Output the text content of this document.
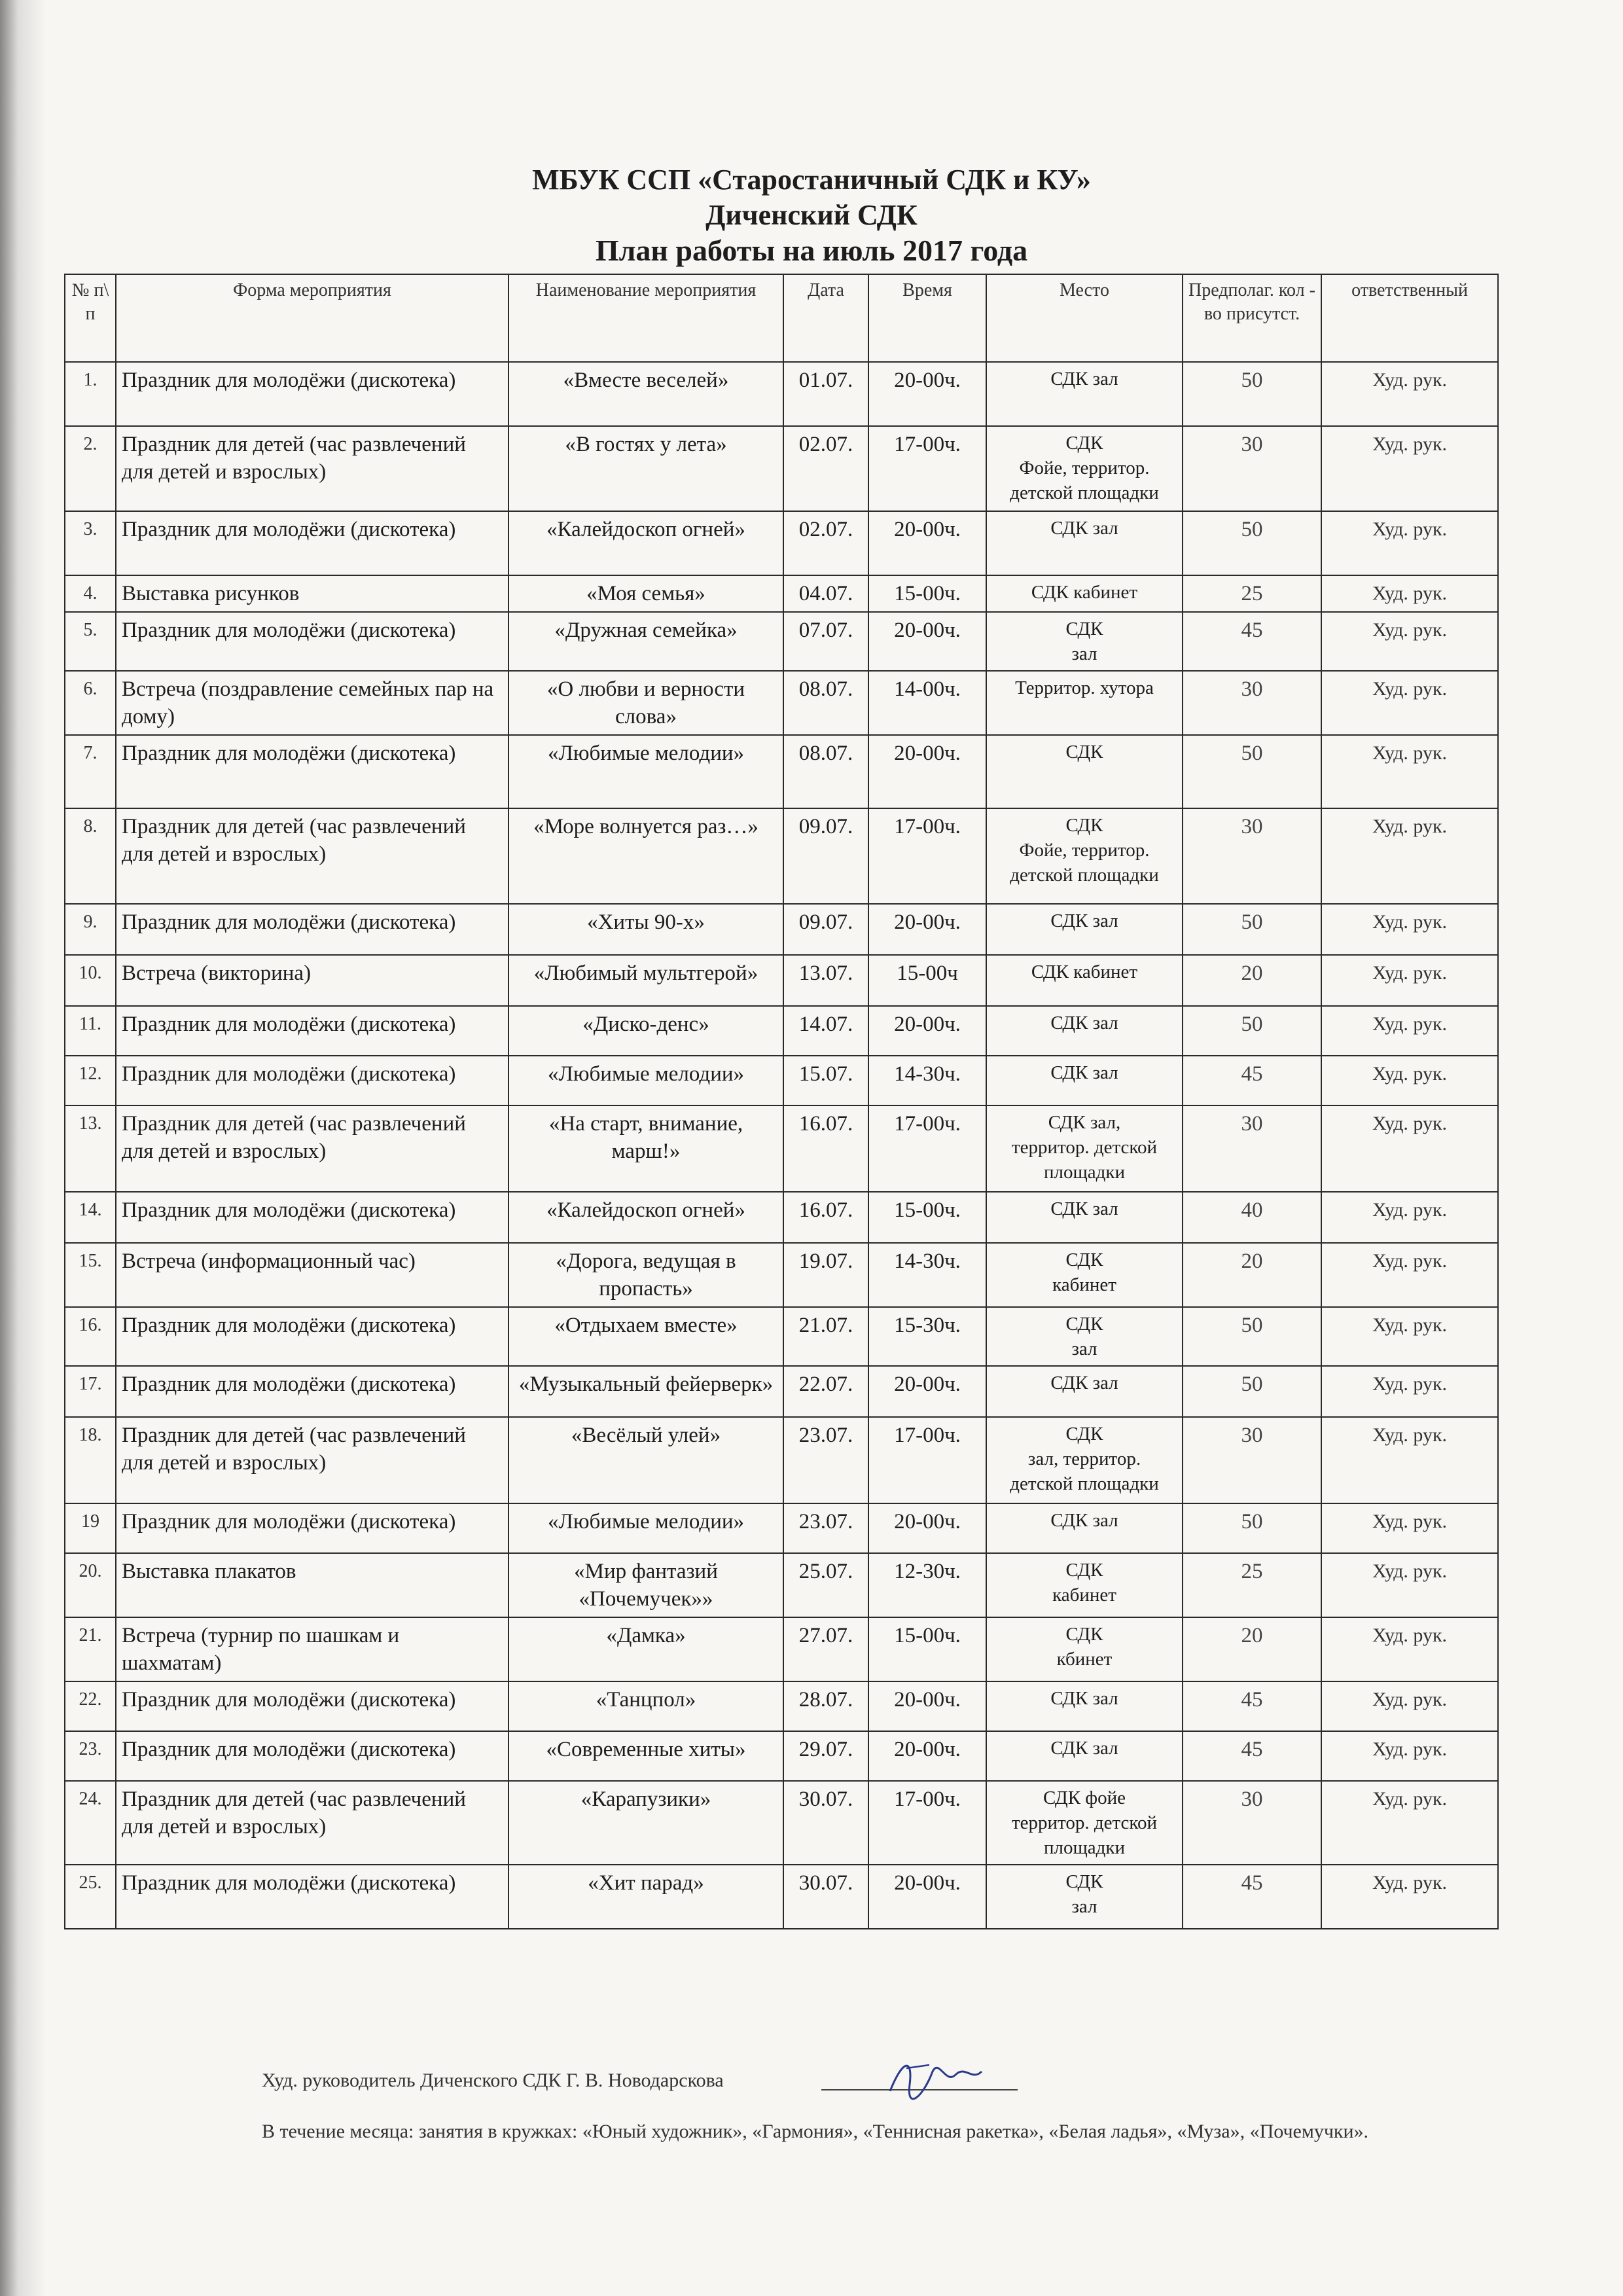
МБУК ССП «Старостаничный СДК и КУ»
Диченский СДК
План работы на июль 2017 года
№ п\ п	Форма мероприятия	Наименование мероприятия	Дата	Время	Место	Предполаг. кол - во присутст.	ответственный
1.	Праздник для молодёжи (дискотека)	«Вместе веселей»	01.07.	20-00ч.	СДК зал	50	Худ. рук.
2.	Праздник для детей (час развлечений для детей и взрослых)	«В гостях у лета»	02.07.	17-00ч.	СДК
Фойе, территор.
детской площадки	30	Худ. рук.
3.	Праздник для молодёжи (дискотека)	«Калейдоскоп огней»	02.07.	20-00ч.	СДК зал	50	Худ. рук.
4.	Выставка рисунков	«Моя семья»	04.07.	15-00ч.	СДК кабинет	25	Худ. рук.
5.	Праздник для молодёжи (дискотека)	«Дружная семейка»	07.07.	20-00ч.	СДК
зал	45	Худ. рук.
6.	Встреча (поздравление семейных пар на дому)	«О любви и верности слова»	08.07.	14-00ч.	Территор. хутора	30	Худ. рук.
7.	Праздник для молодёжи (дискотека)	«Любимые мелодии»	08.07.	20-00ч.	СДК	50	Худ. рук.
8.	Праздник для детей (час развлечений для детей и взрослых)	«Море волнуется раз…»	09.07.	17-00ч.	СДК
Фойе, территор.
детской площадки	30	Худ. рук.
9.	Праздник для молодёжи (дискотека)	«Хиты 90-х»	09.07.	20-00ч.	СДК зал	50	Худ. рук.
10.	Встреча (викторина)	«Любимый мультгерой»	13.07.	15-00ч	СДК кабинет	20	Худ. рук.
11.	Праздник для молодёжи (дискотека)	«Диско-денс»	14.07.	20-00ч.	СДК зал	50	Худ. рук.
12.	Праздник для молодёжи (дискотека)	«Любимые мелодии»	15.07.	14-30ч.	СДК зал	45	Худ. рук.
13.	Праздник для детей (час развлечений для детей и взрослых)	«На старт, внимание, марш!»	16.07.	17-00ч.	СДК зал,
территор. детской
площадки	30	Худ. рук.
14.	Праздник для молодёжи (дискотека)	«Калейдоскоп огней»	16.07.	15-00ч.	СДК зал	40	Худ. рук.
15.	Встреча (информационный час)	«Дорога, ведущая в пропасть»	19.07.	14-30ч.	СДК
кабинет	20	Худ. рук.
16.	Праздник для молодёжи (дискотека)	«Отдыхаем вместе»	21.07.	15-30ч.	СДК
зал	50	Худ. рук.
17.	Праздник для молодёжи (дискотека)	«Музыкальный фейерверк»	22.07.	20-00ч.	СДК зал	50	Худ. рук.
18.	Праздник для детей (час развлечений для детей и взрослых)	«Весёлый улей»	23.07.	17-00ч.	СДК
зал, территор.
детской площадки	30	Худ. рук.
19	Праздник для молодёжи (дискотека)	«Любимые мелодии»	23.07.	20-00ч.	СДК зал	50	Худ. рук.
20.	Выставка плакатов	«Мир фантазий «Почемучек»»	25.07.	12-30ч.	СДК
кабинет	25	Худ. рук.
21.	Встреча (турнир по шашкам и шахматам)	«Дамка»	27.07.	15-00ч.	СДК
кбинет	20	Худ. рук.
22.	Праздник для молодёжи (дискотека)	«Танцпол»	28.07.	20-00ч.	СДК зал	45	Худ. рук.
23.	Праздник для молодёжи (дискотека)	«Современные хиты»	29.07.	20-00ч.	СДК зал	45	Худ. рук.
24.	Праздник для детей (час развлечений для детей и взрослых)	«Карапузики»	30.07.	17-00ч.	СДК фойе
территор. детской
площадки	30	Худ. рук.
25.	Праздник для молодёжи (дискотека)	«Хит парад»	30.07.	20-00ч.	СДК
зал	45	Худ. рук.
Худ. руководитель Диченского СДК Г. В. Новодарскова
В течение месяца: занятия в кружках: «Юный художник», «Гармония», «Теннисная ракетка», «Белая ладья», «Муза», «Почемучки».
